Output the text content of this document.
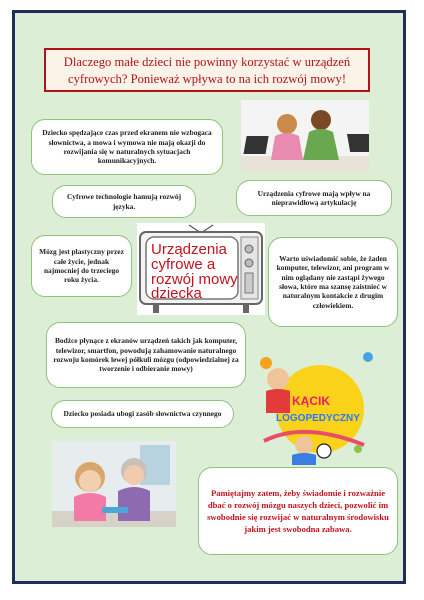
Dlaczego małe dzieci nie powinny korzystać w urządzeń cyfrowych? Ponieważ wpływa to na ich rozwój mowy!
Dziecko spędzające czas przed ekranem nie wzbogaca słownictwa, a mowa i wymowa nie mają okazji do rozwijania się w naturalnych sytuacjach komunikacyjnych.
Cyfrowe technologie hamują rozwój języka.
Urządzenia cyfrowe mają wpływ na nieprawidłową artykulację
Mózg jest plastyczny przez całe życie, jednak najmocniej do trzeciego roku życia.
Urządzenia
cyfrowe a
rozwój mowy
dziecka
Warto uświadomić sobie, że żaden komputer, telewizor, ani program w nim oglądany nie zastąpi żywego słowa, które ma szansę zaistnieć w naturalnym kontakcie z drugim człowiekiem.
Bodźce płynące z ekranów urządzeń takich jak komputer, telewizor, smartfon, powodują zahamowanie naturalnego rozwoju komórek lewej półkuli mózgu (odpowiedzialnej za tworzenie i odbieranie mowy)
KĄCIK
LOGOPEDYCZNY
Dziecko posiada ubogi zasób słownictwa czynnego
Pamiętajmy zatem, żeby świadomie i rozważnie dbać o rozwój mózgu naszych dzieci, pozwolić im swobodnie się rozwijać w naturalnym środowisku jakim jest swobodna zabawa.
